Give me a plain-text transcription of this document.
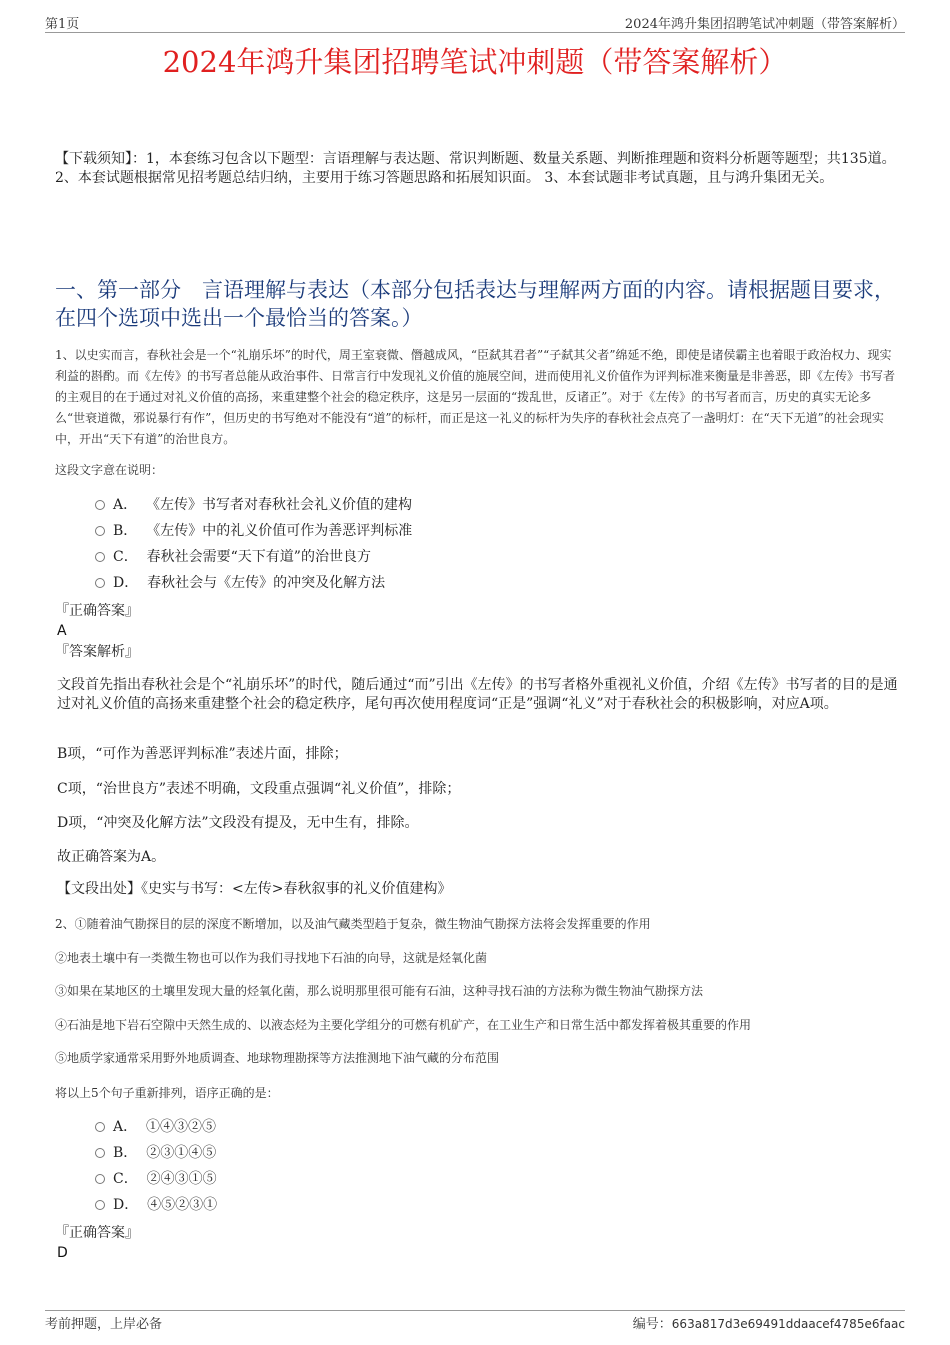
第1页	2024年鸿升集团招聘笔试冲刺题（带答案解析）
2024年鸿升集团招聘笔试冲刺题（带答案解析）
【下载须知】：1，本套练习包含以下题型：言语理解与表达题、常识判断题、数量关系题、判断推理题和资料分析题等题型；共135道。 2、本套试题根据常见招考题总结归纳，主要用于练习答题思路和拓展知识面。 3、本套试题非考试真题，且与鸿升集团无关。
一、第一部分　言语理解与表达（本部分包括表达与理解两方面的内容。请根据题目要求，在四个选项中选出一个最恰当的答案。）
1、以史实而言，春秋社会是一个“礼崩乐坏”的时代，周王室衰微、僭越成风，“臣弑其君者”“子弑其父者”绵延不绝，即使是诸侯霸主也着眼于政治权力、现实利益的斟酌。而《左传》的书写者总能从政治事件、日常言行中发现礼义价值的施展空间，进而使用礼义价值作为评判标准来衡量是非善恶，即《左传》书写者的主观目的在于通过对礼义价值的高扬，来重建整个社会的稳定秩序，这是另一层面的“拨乱世，反诸正”。对于《左传》的书写者而言，历史的真实无论多么“世衰道微，邪说暴行有作”，但历史的书写绝对不能没有“道”的标杆，而正是这一礼义的标杆为失序的春秋社会点亮了一盏明灯：在“天下无道”的社会现实中，开出“天下有道”的治世良方。
这段文字意在说明：
A． 《左传》书写者对春秋社会礼义价值的建构
B． 《左传》中的礼义价值可作为善恶评判标准
C． 春秋社会需要“天下有道”的治世良方
D． 春秋社会与《左传》的冲突及化解方法
『正确答案』
A
『答案解析』
文段首先指出春秋社会是个“礼崩乐坏”的时代，随后通过“而”引出《左传》的书写者格外重视礼义价值，介绍《左传》书写者的目的是通过对礼义价值的高扬来重建整个社会的稳定秩序，尾句再次使用程度词“正是”强调“礼义”对于春秋社会的积极影响，对应A项。
B项，“可作为善恶评判标准”表述片面，排除；
C项，“治世良方”表述不明确，文段重点强调“礼义价值”，排除；
D项，“冲突及化解方法”文段没有提及，无中生有，排除。
故正确答案为A。
【文段出处】《史实与书写：<左传>春秋叙事的礼义价值建构》
2、①随着油气勘探目的层的深度不断增加，以及油气藏类型趋于复杂，微生物油气勘探方法将会发挥重要的作用
②地表土壤中有一类微生物也可以作为我们寻找地下石油的向导，这就是烃氧化菌
③如果在某地区的土壤里发现大量的烃氧化菌，那么说明那里很可能有石油，这种寻找石油的方法称为微生物油气勘探方法
④石油是地下岩石空隙中天然生成的、以液态烃为主要化学组分的可燃有机矿产，在工业生产和日常生活中都发挥着极其重要的作用
⑤地质学家通常采用野外地质调查、地球物理勘探等方法推测地下油气藏的分布范围
将以上5个句子重新排列，语序正确的是：
A． ①④③②⑤
B． ②③①④⑤
C． ②④③①⑤
D． ④⑤②③①
『正确答案』
D
考前押题，上岸必备	编号：663a817d3e69491ddaacef4785e6faac
